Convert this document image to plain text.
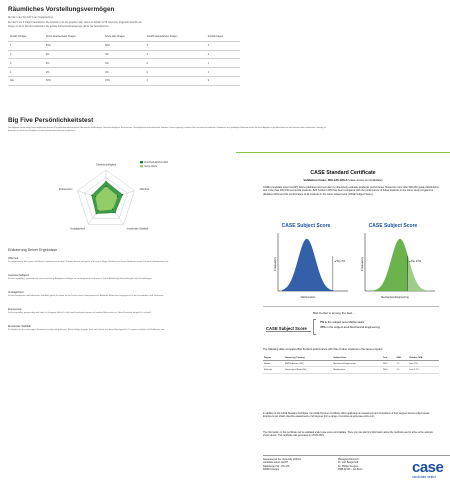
Räumliches Vorstellungsvermögen
Du bist in den Top 100 % der Testteilnehmer.
Du hast 9 von 9 Fragen beantwortet. Die Antworten, die Du gegeben hast, waren im Schnitt zu 58 % korrekt. Insgesamt hast Du die
Fragen zu 21 % korrekt beantwortet. Die gelöste Aufmerksamkeitsgruppe gilt für die Testteilnehmer.
Anzahl richtiger	Score beantworteter Fragen	Score aller Fragen	Anzahl beantworteter Fragen	Anzahl Fragen
1	50%	50%	2	2
2	0%	0%	2	2
3	0%	0%	0	1
4	0%	0%	0	1
Alle	50%	15%	2	9
Big Five Persönlichkeitstest
Der folgende Grafik zeigt Deine Ergebnisse bei den Persönlichkeitsdimensionen Offenheit für Erfahrungen, Gewissenhaftigkeit, Extraversion, Verträglichkeit und emotionale Stabilität. Dazu angezeigt, welchen Wert ein durchschnittlicher Teilnehmer zum jeweiligen Merkmal erhält. Bei einer Abgabe ist grundsätzlich ein weit bessere oder schlechtere Leistung zu bewerten, es lässt Dein Ergebnis zu einem bestimmten Bereich analysieren.
Gewissenhaftigkeit
Offenheit
emotionale Stabilität
Verträglichkeit
Extraversion
Durchschnittlicher Wert
Deine Werte
Erläuterung Deiner Ergebnisse
Offenheit
Du interessierst dich gerne für Neues, möchtest mehr über Themen lernen und gehst auch neue Wege. Routine und feste Strukturen ziehst Du dem Unbekannten vor.
Gewissenhaftigkeit
Du bist sorgfältig, systematisch und zuverlässig. Aufgaben erledigst Du termingerecht und genau. Deine Arbeit folgt klaren Regeln und Vorstellungen.
Verträglichkeit
Du bist kooperativ und hilfsbereit. Konflikte gehst Du offen an und suchst nach Kompromissen. Anderen Menschen begegnest Du mit Verständnis und Vertrauen.
Extraversion
Du bist gesellig, gesprächig und aktiv. In Gruppen fühlst Du Dich wohl und gehst gerne auf andere Menschen zu. Neue Kontakte knüpfst Du schnell.
Emotionale Stabilität
Du bleibst auch in stressigen Situationen ruhig und gelassen. Rückschläge bringen Dich nicht leicht aus dem Gleichgewicht, Du gehst sachlich mit Problemen um.
CASE Standard Certificate
Validation Code: 306-135-429-5 (case-score.com/validate)
CASE (candidate select GmbH) helps graduates and recruiters to objectively evaluate academic performance. Based on more than 500,000 grade distributions and more than 300,000 successful students, Bob Korbel's GPA has been compared with the performance of fellow students in the same study programme (Relative GPA) and the performance of all students in the same subject area (CASE Subject Score).
CASE Subject Score	CASE Subject Score
Frequency	◂ Top 7%	Frequency	◂ Top 47%
Mathematics	Mechanical Engineering
Bob Korbel is among the best ...
CASE Subject Score
7% in the subject area Mathematics.
47% in the subject area Mechanical Engineering
The following table compares Bob Korbel's performance with that of other students in the same program.
Degree	University (Country)	Subject Area	Year	GPA	Relative GPA
Master	RWTH Aachen (DE)	Mechanical Engineering	2013	2.5	best 75%
Bachelor	University of Bonn (DE)	Mathematics	2010	1.5	best 2.7%
In addition to this CASE Standard Certificate, the CASE Premium Certificate offers applicants an assessment and comparison of their degrees across subject areas. Employers can obtain objective assessments of all degrees from a range of countries at www.case-score.com.
The information on this certificate can be validated under case-score.com/validate. There you can also find information about the methods used to arrive at the analysis shown above. This certificate was generated on 26.05.2015.
Developed at the University of Bonn
candidate select GmbH
Radeberger Str. 170-176
60680 Cologne
Managing Directors:
Dr. Lutz Bergerhoff
Dr. Philipp Seegers
HRB 22136 – AG Bonn	case
candidate select
